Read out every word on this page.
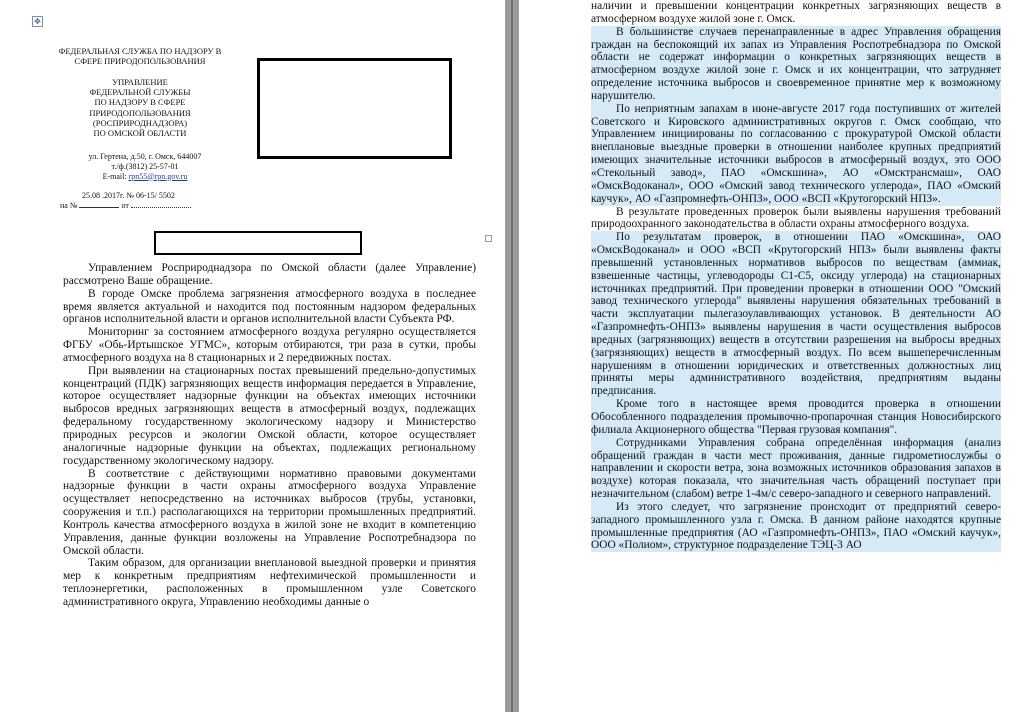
✥
ФЕДЕРАЛЬНАЯ СЛУЖБА ПО НАДЗОРУ В СФЕРЕ ПРИРОДОПОЛЬЗОВАНИЯ
УПРАВЛЕНИЕ
ФЕДЕРАЛЬНОЙ СЛУЖБЫ
ПО НАДЗОРУ В СФЕРЕ
ПРИРОДОПОЛЬЗОВАНИЯ
(РОСПРИРОДНАДЗОРА)
ПО ОМСКОЙ ОБЛАСТИ
ул. Гертена, д.50, г. Омск, 644007
т./ф.(3812) 25-57-01
E-mail: rpn55@rpn.gov.ru
25.08 .2017г. № 06-15/ 5502
на №	от

Управлением Росприроднадзора по Омской области (далее Управление) рассмотрено Ваше обращение.

В городе Омске проблема загрязнения атмосферного воздуха в последнее время является актуальной и находится под постоянным надзором федеральных органов исполнительной власти и органов исполнительной власти Субъекта РФ.

Мониторинг за состоянием атмосферного воздуха регулярно осуществляется ФГБУ «Обь-Иртышское УГМС», которым отбираются, три раза в сутки, пробы атмосферного воздуха на 8 стационарных и 2 передвижных постах.

При выявлении на стационарных постах превышений предельно-допустимых концентраций (ПДК) загрязняющих веществ информация передается в Управление, которое осуществляет надзорные функции на объектах имеющих источники выбросов вредных загрязняющих веществ в атмосферный воздух, подлежащих федеральному государственному экологическому надзору и Министерство природных ресурсов и экологии Омской области, которое осуществляет аналогичные надзорные функции на объектах, подлежащих региональному государственному экологическому надзору.

В соответствие с действующими нормативно правовыми документами надзорные функции в части охраны атмосферного воздуха Управление осуществляет непосредственно на источниках выбросов (трубы, установки, сооружения и т.п.) располагающихся на территории промышленных предприятий. Контроль качества атмосферного воздуха в жилой зоне не входит в компетенцию Управления, данные функции возложены на Управление Роспотребнадзора по Омской области.

Таким образом, для организации внеплановой выездной проверки и принятия мер к конкретным предприятиям нефтехимической промышленности и теплоэнергетики, расположенных в промышленном узле Советского административного округа, Управлению необходимы данные о

наличии и превышении концентрации конкретных загрязняющих веществ в атмосферном воздухе жилой зоне г. Омск.

В большинстве случаев перенаправленные в адрес Управления обращения граждан на беспокоящий их запах из Управления Роспотребнадзора по Омской области не содержат информации о конкретных загрязняющих веществ в атмосферном воздухе жилой зоне г. Омск и их концентрации, что затрудняет определение источника выбросов и своевременное принятие мер к возможному нарушителю.

По неприятным запахам в июне-августе 2017 года поступивших от жителей Советского и Кировского административных округов г. Омск сообщаю, что Управлением инициированы по согласованию с прокуратурой Омской области внеплановые выездные проверки в отношении наиболее крупных предприятий имеющих значительные источники выбросов в атмосферный воздух, это ООО «Стекольный завод», ПАО «Омскшина», АО «Омсктрансмаш», ОАО «ОмскВодоканал», ООО «Омский завод технического углерода», ПАО «Омский каучук», АО «Газпромнефть-ОНПЗ», ООО «ВСП «Крутогорский НПЗ».

В результате проведенных проверок были выявлены нарушения требований природоохранного законодательства в области охраны атмосферного воздуха.

По результатам проверок, в отношении ПАО «Омскшина», ОАО «ОмскВодоканал» и ООО «ВСП «Крутогорский НПЗ» были выявлены факты превышений установленных нормативов выбросов по веществам (аммиак, взвешенные частицы, углеводороды С1-С5, оксиду углерода) на стационарных источниках предприятий. При проведении проверки в отношении ООО "Омский завод технического углерода" выявлены нарушения обязательных требований в части эксплуатации пылегазоулавливающих установок. В деятельности АО «Газпромнефть-ОНПЗ» выявлены нарушения в части осуществления выбросов вредных (загрязняющих) веществ в отсутствии разрешения на выбросы вредных (загрязняющих) веществ в атмосферный воздух. По всем вышеперечисленным нарушениям в отношении юридических и ответственных должностных лиц приняты меры административного воздействия, предприятиям выданы предписания.

Кроме того в настоящее время проводится проверка в отношении Обособленного подразделения промывочно-пропарочная станция Новосибирского филиала Акционерного общества "Первая грузовая компания".

Сотрудниками Управления собрана определённая информация (анализ обращений граждан в части мест проживания, данные гидрометиослужбы о направлении и скорости ветра, зона возможных источников образования запахов в воздухе) которая показала, что значительная часть обращений поступает при незначительном (слабом) ветре 1-4м/с северо-западного и северного направлений.

Из этого следует, что загрязнение происходит от предприятий северо-западного промышленного узла г. Омска. В данном районе находятся крупные промышленные предприятия (АО «Газпромнефть-ОНПЗ», ПАО «Омский каучук», ООО «Полиом», структурное подразделение ТЭЦ-3 АО
